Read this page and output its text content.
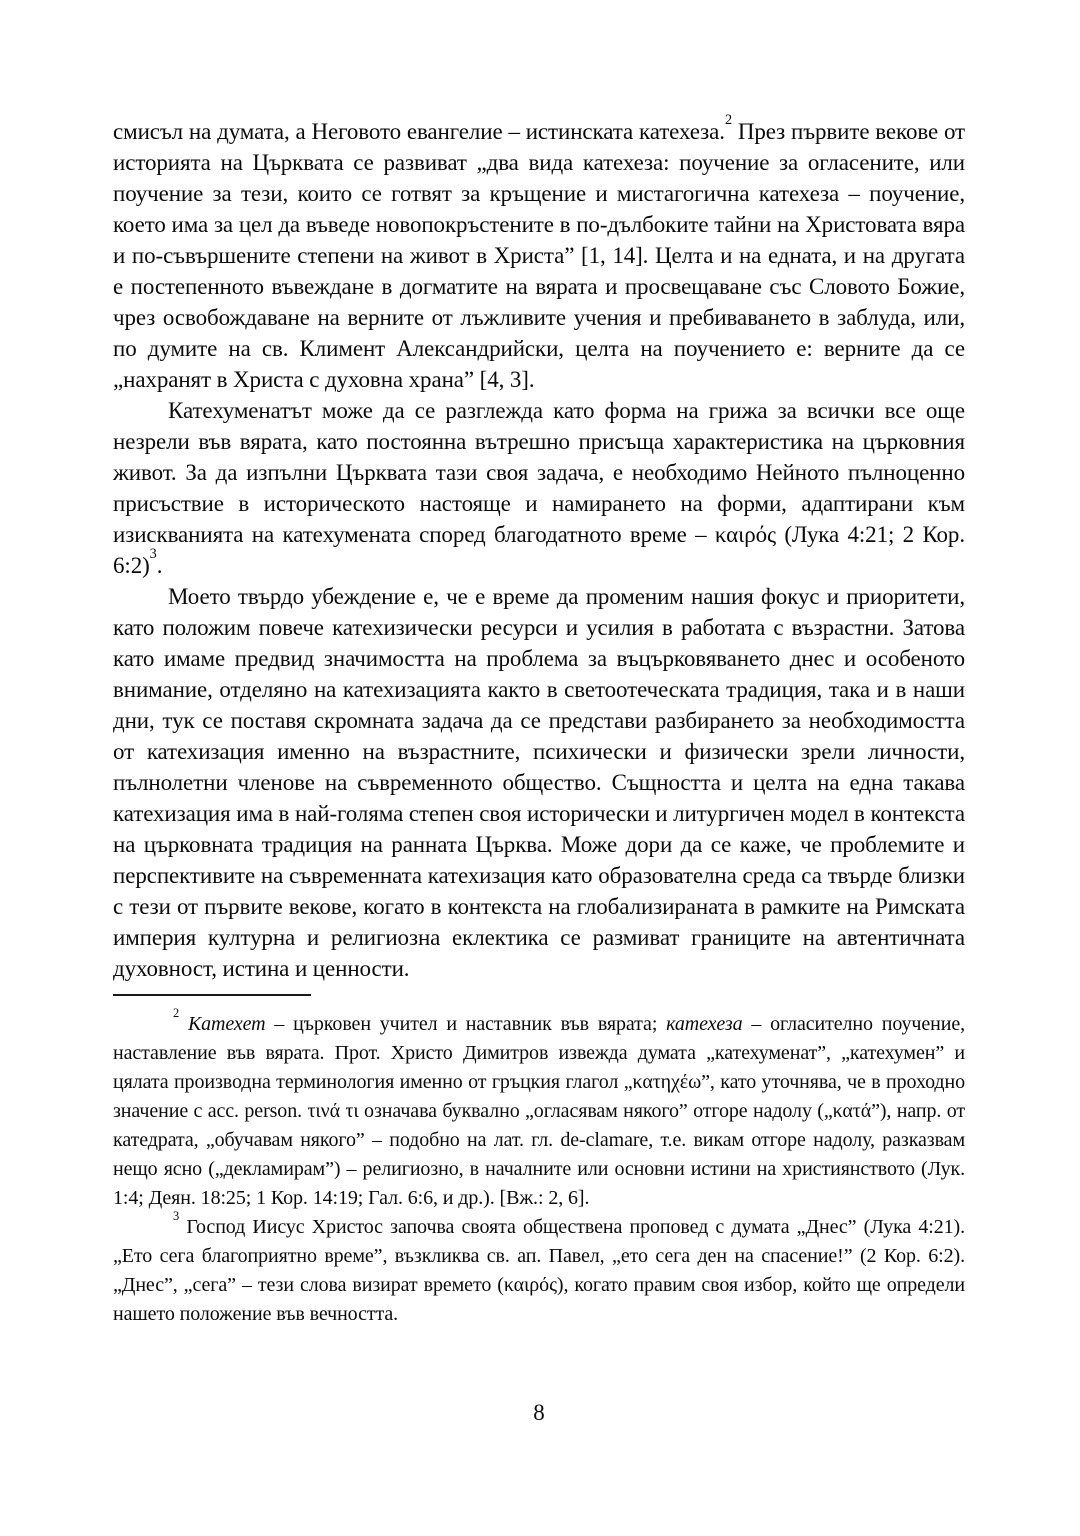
смисъл на думата, а Неговото евангелие – истинската катехеза.$^2$ През първите векове от историята на Църквата се развиват „два вида катехеза: поучение за огласените, или поучение за тези, които се готвят за кръщение и мистагогична катехеза – поучение, което има за цел да въведе новопокръстените в по-дълбоките тайни на Христовата вяра и по-съвършените степени на живот в Христа” [1, 14]. Целта и на едната, и на другата е постепенното въвеждане в догматите на вярата и просвещаване със Словото Божие, чрез освобождаване на верните от лъжливите учения и пребиваването в заблуда, или, по думите на св. Климент Александрийски, целта на поучението е: верните да се „нахранят в Христа с духовна храна” [4, 3].

Катехуменатът може да се разглежда като форма на грижа за всички все още незрели във вярата, като постоянна вътрешно присъща характеристика на църковния живот. За да изпълни Църквата тази своя задача, е необходимо Нейното пълноценно присъствие в историческото настояще и намирането на форми, адаптирани към изискванията на катехумената според благодатното време – καιρός (Лука 4:21; 2 Кор. 6:2)$^3$.

Моето твърдо убеждение е, че е време да променим нашия фокус и приоритети, като положим повече катехизически ресурси и усилия в работата с възрастни. Затова като имаме предвид значимостта на проблема за въцърковяването днес и особеното внимание, отделяно на катехизацията както в светоотеческата традиция, така и в наши дни, тук се поставя скромната задача да се представи разбирането за необходимостта от катехизация именно на възрастните, психически и физически зрели личности, пълнолетни членове на съвременното общество. Същността и целта на една такава катехизация има в най-голяма степен своя исторически и литургичен модел в контекста на църковната традиция на ранната Църква. Може дори да се каже, че проблемите и перспективите на съвременната катехизация като образователна среда са твърде близки с тези от първите векове, когато в контекста на глобализираната в рамките на Римската империя културна и религиозна еклектика се размиват границите на автентичната духовност, истина и ценности.

$^2$ Катехет – църковен учител и наставник във вярата; катехеза – огласително поучение, наставление във вярата. Прот. Христо Димитров извежда думата „катехуменат”, „катехумен” и цялата производна терминология именно от гръцкия глагол „κατηχέω”, като уточнява, че в проходно значение с acc. person. τινά τι означава буквално „огласявам някого” отгоре надолу („κατά”), напр. от катедрата, „обучавам някого” – подобно на лат. гл. de-clamare, т.е. викам отгоре надолу, разказвам нещо ясно („декламирам”) – религиозно, в началните или основни истини на християнството (Лук. 1:4; Деян. 18:25; 1 Кор. 14:19; Гал. 6:6, и др.). [Вж.: 2, 6].

$^3$ Господ Иисус Христос започва своята обществена проповед с думата „Днес” (Лука 4:21). „Ето сега благоприятно време”, възкликва св. ап. Павел, „ето сега ден на спасение!” (2 Кор. 6:2). „Днес”, „сега” – тези слова визират времето (καιρός), когато правим своя избор, който ще определи нашето положение във вечността.

8
